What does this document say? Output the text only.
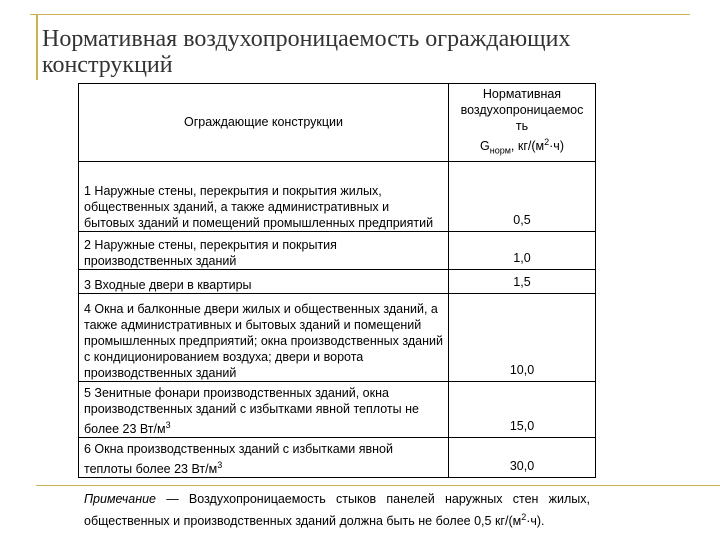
Нормативная воздухопроницаемость ограждающих конструкций
Ограждающие конструкции	Нормативная
воздухопроницаемос
ть
$G_{норм}$, $кг/(м^2\cdot ч)$
1 Наружные стены, перекрытия и покрытия жилых, общественных зданий, а также административных и бытовых зданий и помещений промышленных предприятий	0,5
2 Наружные стены, перекрытия и покрытия производственных зданий	1,0
3 Входные двери в квартиры	1,5
4 Окна и балконные двери жилых и общественных зданий, а также административных и бытовых зданий и помещений промышленных предприятий; окна производственных зданий с кондиционированием воздуха; двери и ворота производственных зданий	10,0
5 Зенитные фонари производственных зданий, окна производственных зданий с избытками явной теплоты не более 23 $Вт/м^3$	15,0
6 Окна производственных зданий с избытками явной теплоты более 23 $Вт/м^3$	30,0

Примечание — Воздухопроницаемость стыков панелей наружных стен жилых, общественных и производственных зданий должна быть не более 0,5 $кг/(м^2\cdot ч)$.
